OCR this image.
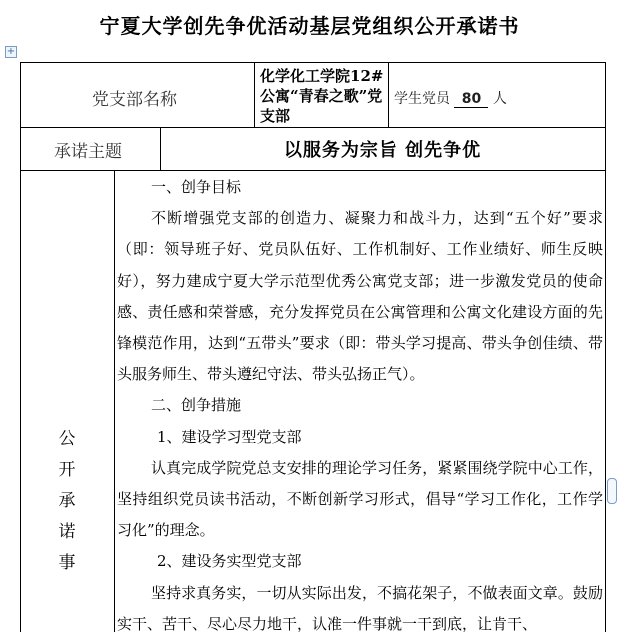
宁夏大学创先争优活动基层党组织公开承诺书
+
党支部名称
化学化工学院12#公寓“青春之歌”党支部
学生党员 80 人
承诺主题	以服务为宗旨 创先争优
公
开
承
诺
事

一、创争目标

不断增强党支部的创造力、凝聚力和战斗力，达到“五个好”要求（即：领导班子好、党员队伍好、工作机制好、工作业绩好、师生反映好），努力建成宁夏大学示范型优秀公寓党支部；进一步激发党员的使命感、责任感和荣誉感，充分发挥党员在公寓管理和公寓文化建设方面的先锋模范作用，达到“五带头”要求（即：带头学习提高、带头争创佳绩、带头服务师生、带头遵纪守法、带头弘扬正气）。

二、创争措施

1、建设学习型党支部

认真完成学院党总支安排的理论学习任务，紧紧围绕学院中心工作，坚持组织党员读书活动，不断创新学习形式，倡导“学习工作化，工作学习化”的理念。

2、建设务实型党支部

坚持求真务实，一切从实际出发，不搞花架子，不做表面文章。鼓励实干、苦干、尽心尽力地干，认准一件事就一干到底，让肯干、
